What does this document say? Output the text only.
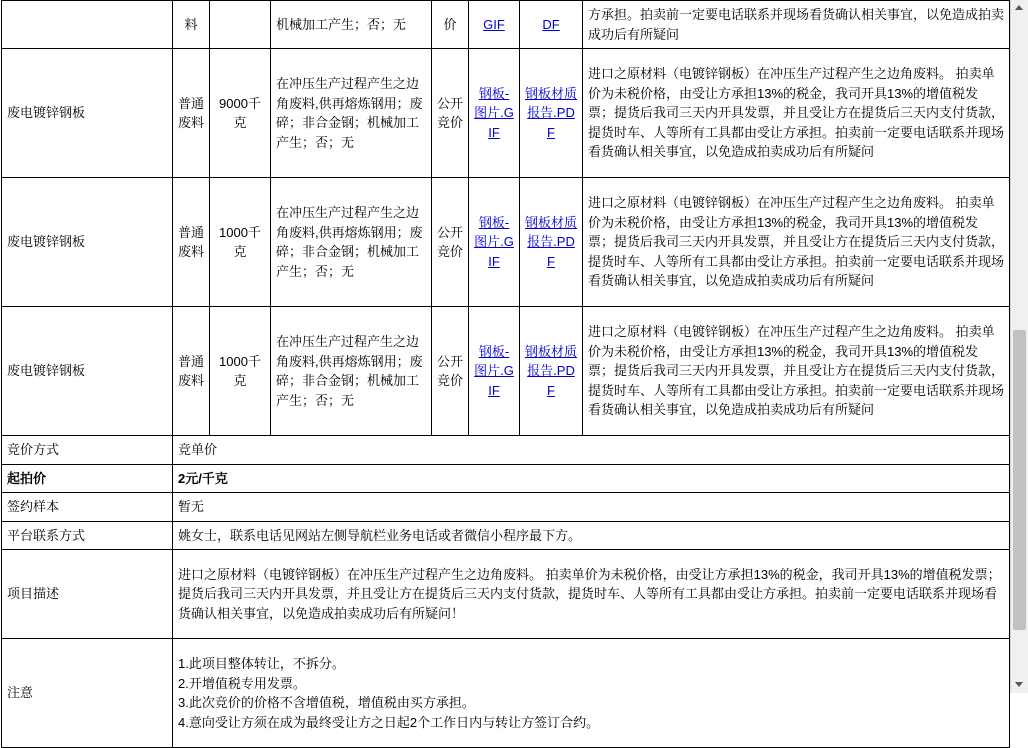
	料		机械加工产生；否；无	价	GIF	DF	方承担。拍卖前一定要电话联系并现场看货确认相关事宜，以免造成拍卖成功后有所疑问
废电镀锌钢板	普通废料	9000千克	在冲压生产过程产生之边角废料,供再熔炼钢用；废碎；非合金钢；机械加工产生；否；无	公开竞价	钢板-图片.GIF	钢板材质报告.PDF	进口之原材料（电镀锌钢板）在冲压生产过程产生之边角废料。 拍卖单价为未税价格，由受让方承担13%的税金，我司开具13%的增值税发票；提货后我司三天内开具发票，并且受让方在提货后三天内支付货款，提货时车、人等所有工具都由受让方承担。拍卖前一定要电话联系并现场看货确认相关事宜，以免造成拍卖成功后有所疑问
废电镀锌钢板	普通废料	1000千克	在冲压生产过程产生之边角废料,供再熔炼钢用；废碎；非合金钢；机械加工产生；否；无	公开竞价	钢板-图片.GIF	钢板材质报告.PDF	进口之原材料（电镀锌钢板）在冲压生产过程产生之边角废料。 拍卖单价为未税价格，由受让方承担13%的税金，我司开具13%的增值税发票；提货后我司三天内开具发票，并且受让方在提货后三天内支付货款，提货时车、人等所有工具都由受让方承担。拍卖前一定要电话联系并现场看货确认相关事宜，以免造成拍卖成功后有所疑问
废电镀锌钢板	普通废料	1000千克	在冲压生产过程产生之边角废料,供再熔炼钢用；废碎；非合金钢；机械加工产生；否；无	公开竞价	钢板-图片.GIF	钢板材质报告.PDF	进口之原材料（电镀锌钢板）在冲压生产过程产生之边角废料。 拍卖单价为未税价格，由受让方承担13%的税金，我司开具13%的增值税发票；提货后我司三天内开具发票，并且受让方在提货后三天内支付货款，提货时车、人等所有工具都由受让方承担。拍卖前一定要电话联系并现场看货确认相关事宜，以免造成拍卖成功后有所疑问
竞价方式	竞单价						
起拍价	2元/千克						
签约样本	暂无						
平台联系方式	姚女士，联系电话见网站左侧导航栏业务电话或者微信小程序最下方。						
项目描述	进口之原材料（电镀锌钢板）在冲压生产过程产生之边角废料。 拍卖单价为未税价格，由受让方承担13%的税金，我司开具13%的增值税发票；提货后我司三天内开具发票，并且受让方在提货后三天内支付货款，提货时车、人等所有工具都由受让方承担。拍卖前一定要电话联系并现场看货确认相关事宜，以免造成拍卖成功后有所疑问！						
注意	1.此项目整体转让，不拆分。
2.开增值税专用发票。
3.此次竞价的价格不含增值税，增值税由买方承担。
4.意向受让方须在成为最终受让方之日起2个工作日内与转让方签订合约。						
